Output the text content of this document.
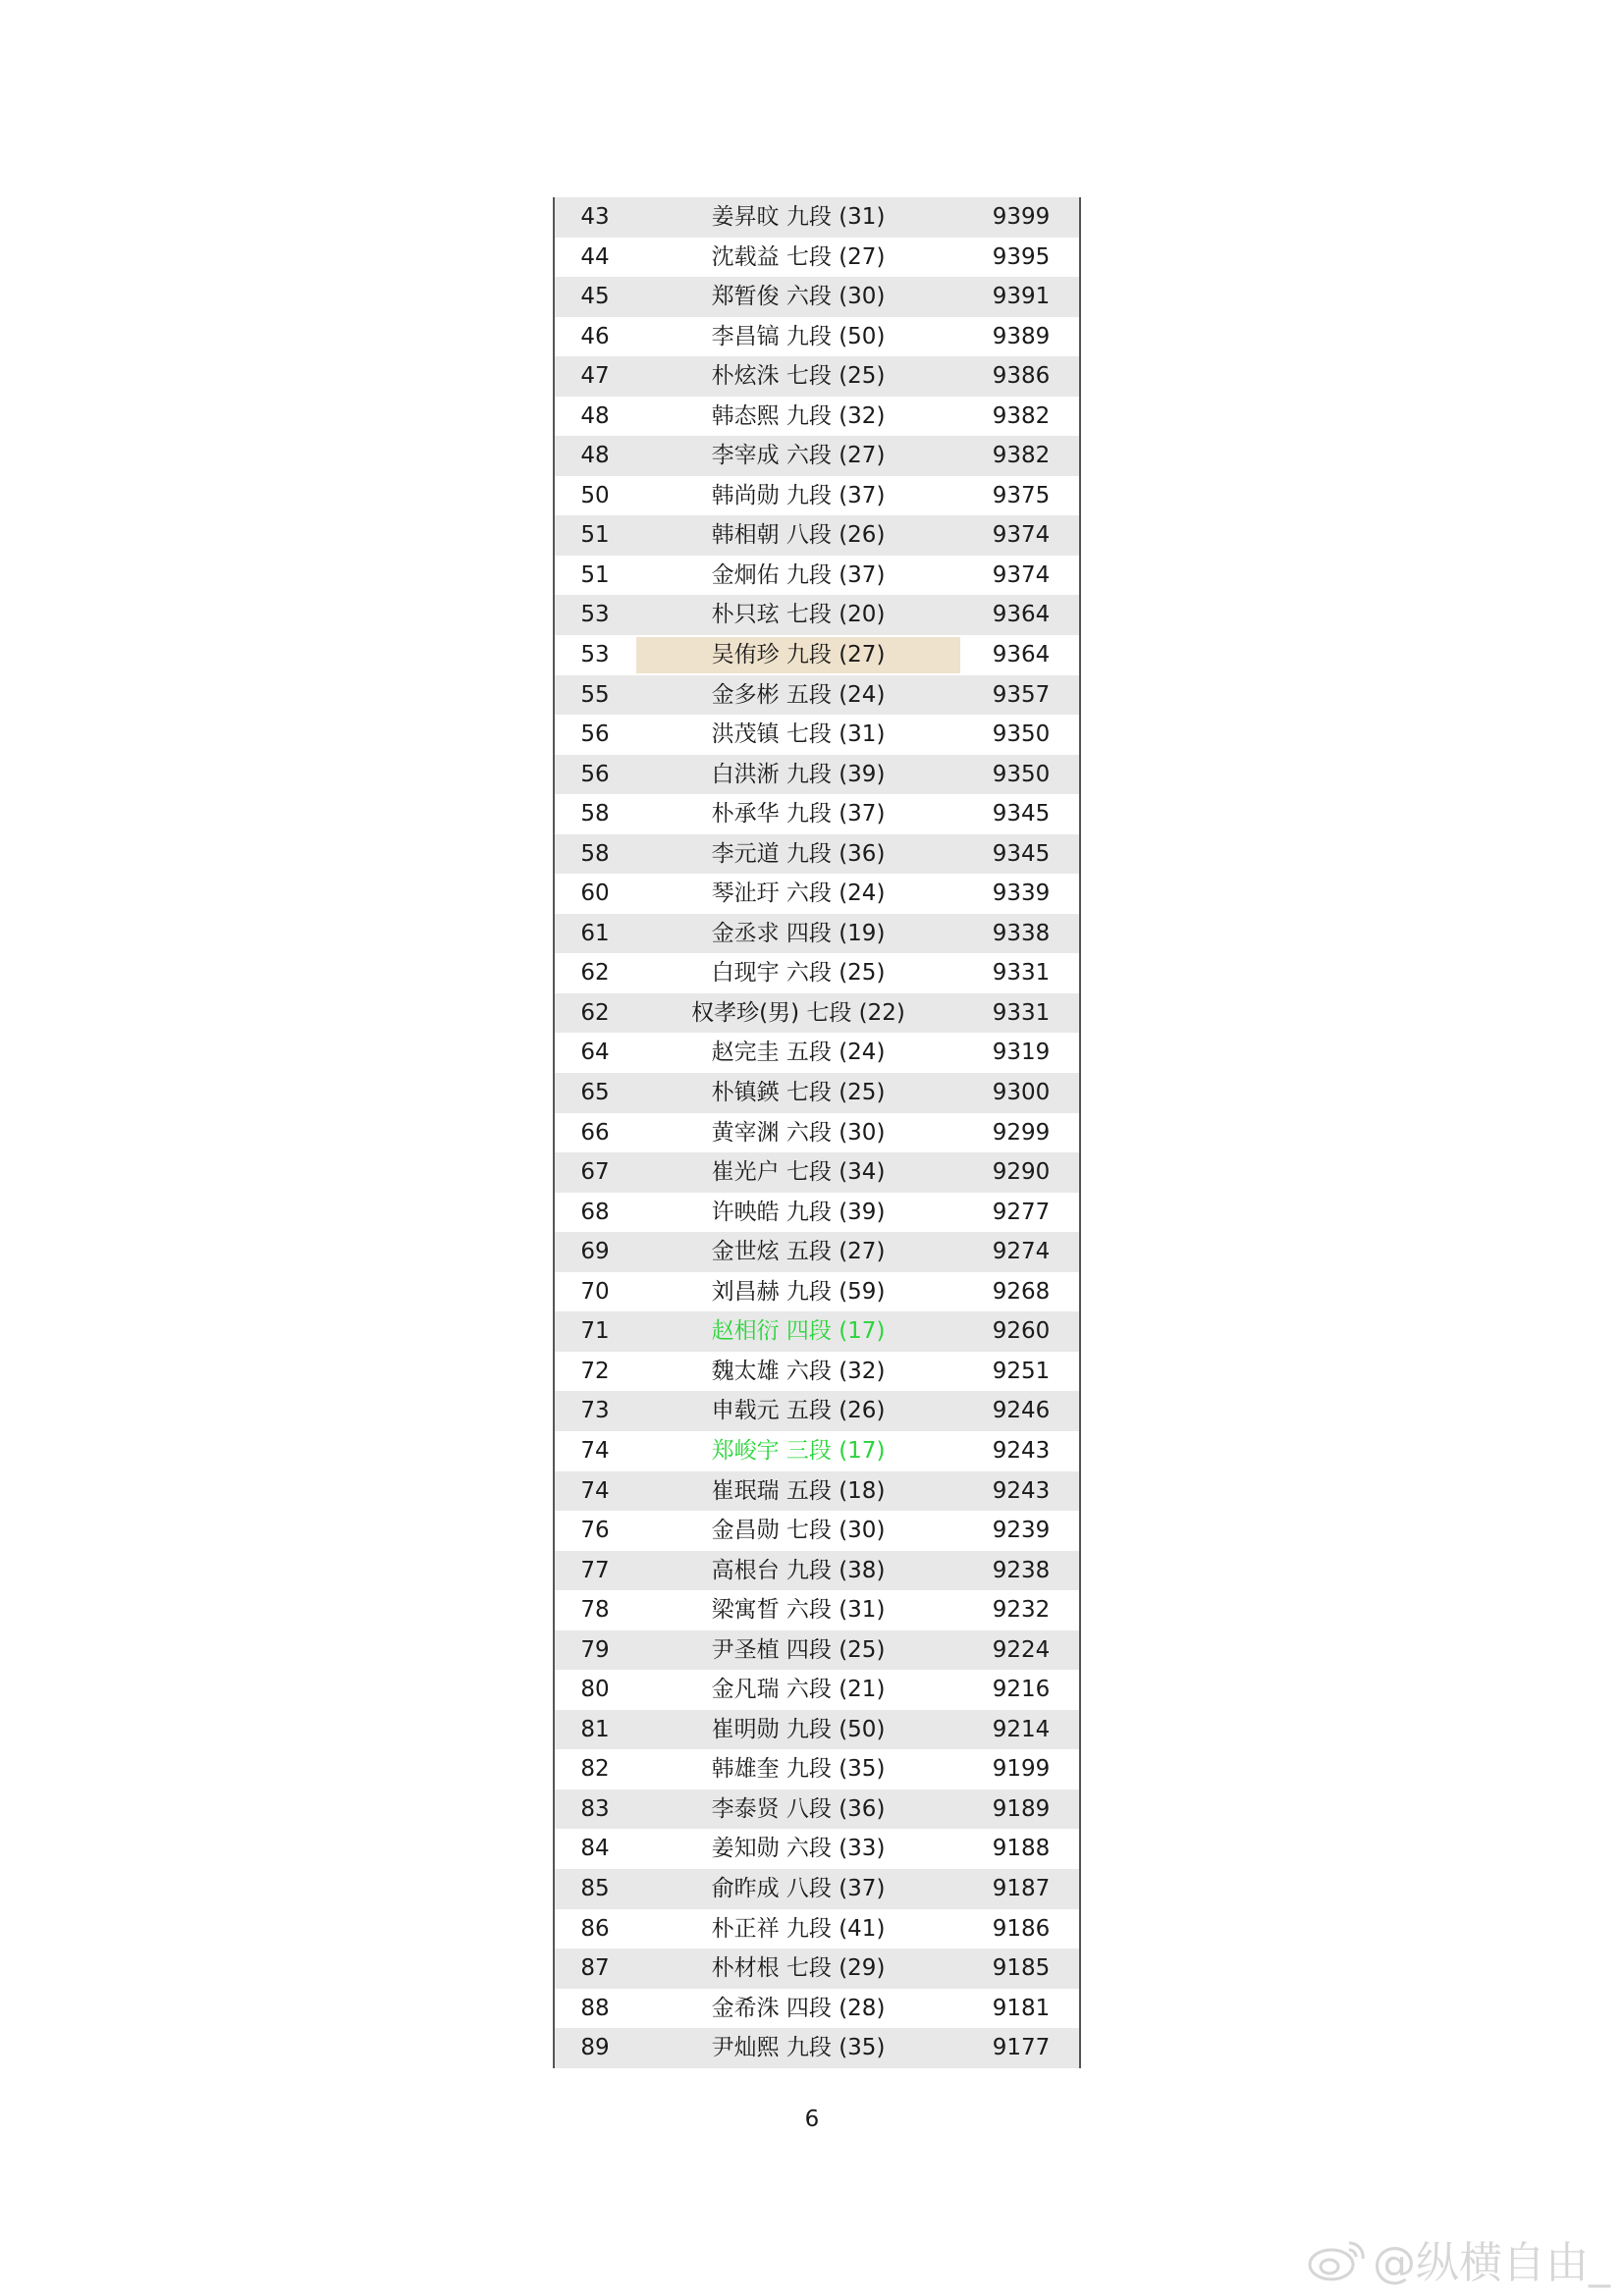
43	姜昇旼 九段 (31)	9399
44	沈载益 七段 (27)	9395
45	郑暂俊 六段 (30)	9391
46	李昌镐 九段 (50)	9389
47	朴炫洙 七段 (25)	9386
48	韩态熙 九段 (32)	9382
48	李宰成 六段 (27)	9382
50	韩尚勋 九段 (37)	9375
51	韩相朝 八段 (26)	9374
51	金炯佑 九段 (37)	9374
53	朴只玹 七段 (20)	9364
53	吴侑珍 九段 (27)	9364
55	金多彬 五段 (24)	9357
56	洪茂镇 七段 (31)	9350
56	白洪淅 九段 (39)	9350
58	朴承华 九段 (37)	9345
58	李元道 九段 (36)	9345
60	琴沚玗 六段 (24)	9339
61	金丞求 四段 (19)	9338
62	白现宇 六段 (25)	9331
62	权孝珍(男) 七段 (22)	9331
64	赵完圭 五段 (24)	9319
65	朴镇鍈 七段 (25)	9300
66	黄宰渊 六段 (30)	9299
67	崔光户 七段 (34)	9290
68	许映皓 九段 (39)	9277
69	金世炫 五段 (27)	9274
70	刘昌赫 九段 (59)	9268
71	赵相衍 四段 (17)	9260
72	魏太雄 六段 (32)	9251
73	申载元 五段 (26)	9246
74	郑峻宇 三段 (17)	9243
74	崔珉瑞 五段 (18)	9243
76	金昌勋 七段 (30)	9239
77	高根台 九段 (38)	9238
78	梁寓晳 六段 (31)	9232
79	尹圣植 四段 (25)	9224
80	金凡瑞 六段 (21)	9216
81	崔明勋 九段 (50)	9214
82	韩雄奎 九段 (35)	9199
83	李泰贤 八段 (36)	9189
84	姜知勋 六段 (33)	9188
85	俞昨成 八段 (37)	9187
86	朴正祥 九段 (41)	9186
87	朴材根 七段 (29)	9185
88	金希洙 四段 (28)	9181
89	尹灿熙 九段 (35)	9177
6
@纵横自由_
